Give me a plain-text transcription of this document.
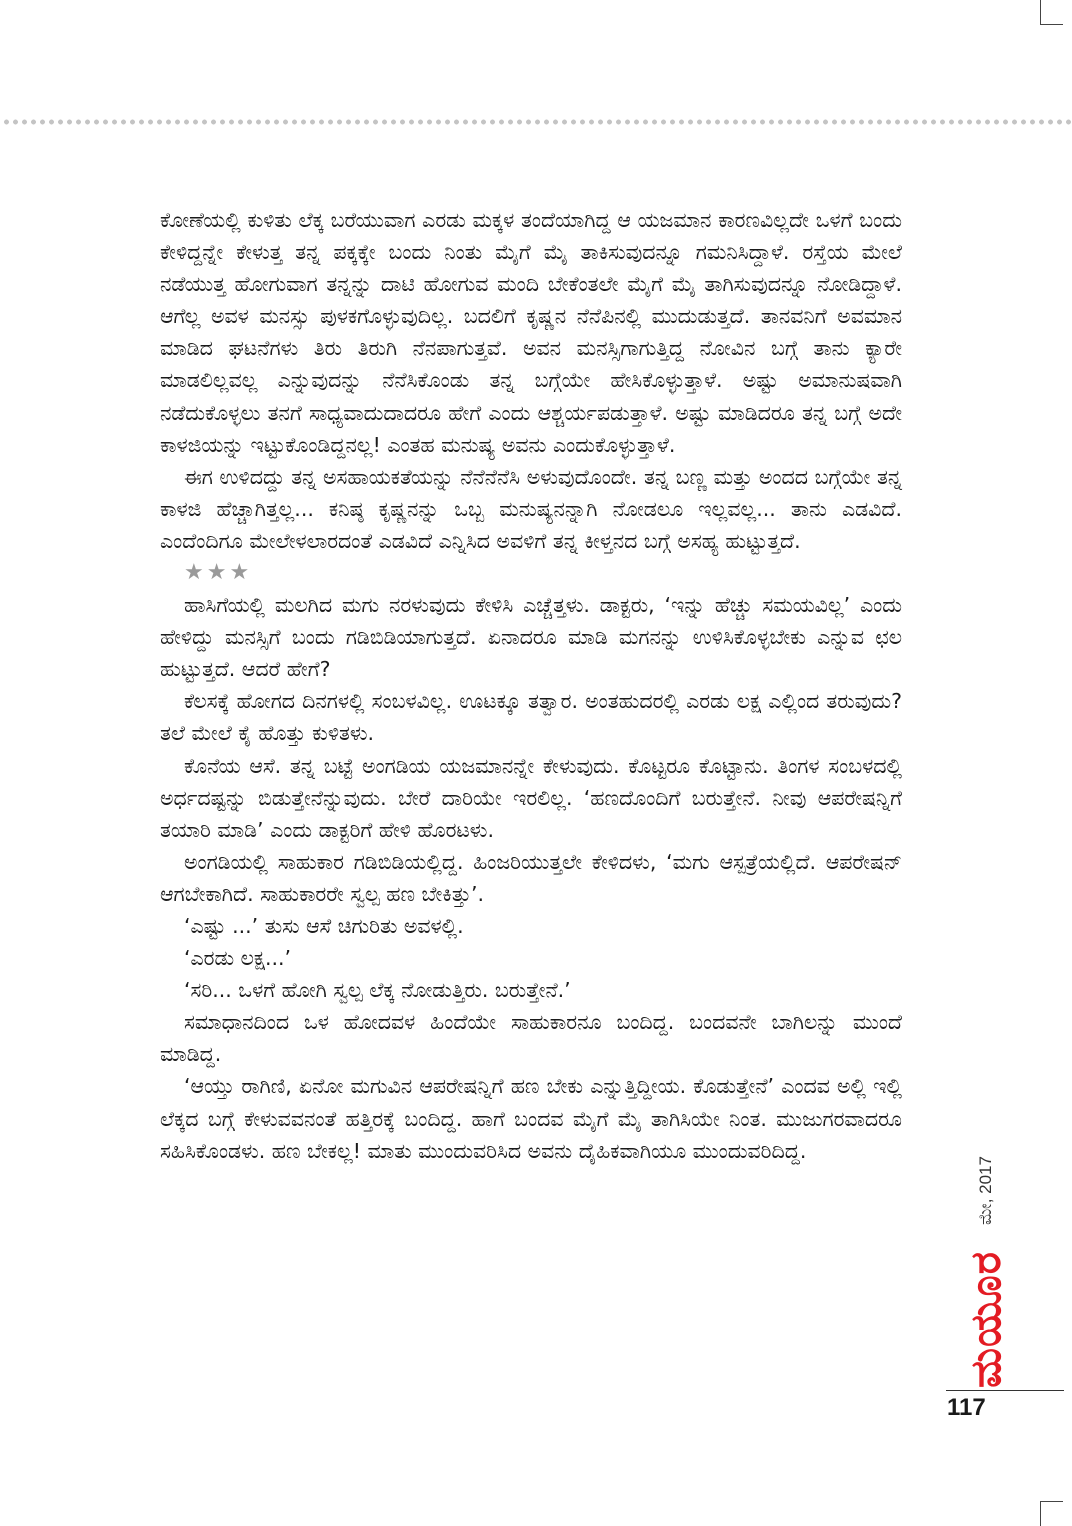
ಕೋಣೆಯಲ್ಲಿ ಕುಳಿತು ಲೆಕ್ಕ ಬರೆಯುವಾಗ ಎರಡು ಮಕ್ಕಳ ತಂದೆಯಾಗಿದ್ದ ಆ ಯಜಮಾನ ಕಾರಣವಿಲ್ಲದೇ ಒಳಗೆ ಬಂದು ಕೇಳಿದ್ದನ್ನೇ ಕೇಳುತ್ತ ತನ್ನ ಪಕ್ಕಕ್ಕೇ ಬಂದು ನಿಂತು ಮೈಗೆ ಮೈ ತಾಕಿಸುವುದನ್ನೂ ಗಮನಿಸಿದ್ದಾಳೆ. ರಸ್ತೆಯ ಮೇಲೆ ನಡೆಯುತ್ತ ಹೋಗುವಾಗ ತನ್ನನ್ನು ದಾಟಿ ಹೋಗುವ ಮಂದಿ ಬೇಕೆಂತಲೇ ಮೈಗೆ ಮೈ ತಾಗಿಸುವುದನ್ನೂ ನೋಡಿದ್ದಾಳೆ. ಆಗೆಲ್ಲ ಅವಳ ಮನಸ್ಸು ಪುಳಕಗೊಳ್ಳುವುದಿಲ್ಲ. ಬದಲಿಗೆ ಕೃಷ್ಣನ ನೆನೆಪಿನಲ್ಲಿ ಮುದುಡುತ್ತದೆ. ತಾನವನಿಗೆ ಅವಮಾನ ಮಾಡಿದ ಘಟನೆಗಳು ತಿರು ತಿರುಗಿ ನೆನಪಾಗುತ್ತವೆ. ಅವನ ಮನಸ್ಸಿಗಾಗುತ್ತಿದ್ದ ನೋವಿನ ಬಗ್ಗೆ ತಾನು ಕ್ಯಾರೇ ಮಾಡಲಿಲ್ಲವಲ್ಲ ಎನ್ನುವುದನ್ನು ನೆನೆಸಿಕೊಂಡು ತನ್ನ ಬಗ್ಗೆಯೇ ಹೇಸಿಕೊಳ್ಳುತ್ತಾಳೆ. ಅಷ್ಟು ಅಮಾನುಷವಾಗಿ ನಡೆದುಕೊಳ್ಳಲು ತನಗೆ ಸಾಧ್ಯವಾದುದಾದರೂ ಹೇಗೆ ಎಂದು ಆಶ್ಚರ್ಯಪಡುತ್ತಾಳೆ. ಅಷ್ಟು ಮಾಡಿದರೂ ತನ್ನ ಬಗ್ಗೆ ಅದೇ ಕಾಳಜಿಯನ್ನು ಇಟ್ಟುಕೊಂಡಿದ್ದನಲ್ಲ! ಎಂತಹ ಮನುಷ್ಯ ಅವನು ಎಂದುಕೊಳ್ಳುತ್ತಾಳೆ.

ಈಗ ಉಳಿದದ್ದು ತನ್ನ ಅಸಹಾಯಕತೆಯನ್ನು ನೆನೆನೆನೆಸಿ ಅಳುವುದೊಂದೇ. ತನ್ನ ಬಣ್ಣ ಮತ್ತು ಅಂದದ ಬಗ್ಗೆಯೇ ತನ್ನ ಕಾಳಜಿ ಹೆಚ್ಚಾಗಿತ್ತಲ್ಲ... ಕನಿಷ್ಠ ಕೃಷ್ಣನನ್ನು ಒಬ್ಬ ಮನುಷ್ಯನನ್ನಾಗಿ ನೋಡಲೂ ಇಲ್ಲವಲ್ಲ... ತಾನು ಎಡವಿದೆ. ಎಂದೆಂದಿಗೂ ಮೇಲೇಳಲಾರದಂತೆ ಎಡವಿದೆ ಎನ್ನಿಸಿದ ಅವಳಿಗೆ ತನ್ನ ಕೀಳ್ತನದ ಬಗ್ಗೆ ಅಸಹ್ಯ ಹುಟ್ಟುತ್ತದೆ.

★★★

ಹಾಸಿಗೆಯಲ್ಲಿ ಮಲಗಿದ ಮಗು ನರಳುವುದು ಕೇಳಿಸಿ ಎಚ್ಚೆತ್ತಳು. ಡಾಕ್ಟರು, ‘ಇನ್ನು ಹೆಚ್ಚು ಸಮಯವಿಲ್ಲ’ ಎಂದು ಹೇಳಿದ್ದು ಮನಸ್ಸಿಗೆ ಬಂದು ಗಡಿಬಿಡಿಯಾಗುತ್ತದೆ. ಏನಾದರೂ ಮಾಡಿ ಮಗನನ್ನು ಉಳಿಸಿಕೊಳ್ಳಬೇಕು ಎನ್ನುವ ಛಲ ಹುಟ್ಟುತ್ತದೆ. ಆದರೆ ಹೇಗೆ?

ಕೆಲಸಕ್ಕೆ ಹೋಗದ ದಿನಗಳಲ್ಲಿ ಸಂಬಳವಿಲ್ಲ. ಊಟಕ್ಕೂ ತತ್ವಾರ. ಅಂತಹುದರಲ್ಲಿ ಎರಡು ಲಕ್ಷ ಎಲ್ಲಿಂದ ತರುವುದು? ತಲೆ ಮೇಲೆ ಕೈ ಹೊತ್ತು ಕುಳಿತಳು.

ಕೊನೆಯ ಆಸೆ. ತನ್ನ ಬಟ್ಟೆ ಅಂಗಡಿಯ ಯಜಮಾನನ್ನೇ ಕೇಳುವುದು. ಕೊಟ್ಟರೂ ಕೊಟ್ಟಾನು. ತಿಂಗಳ ಸಂಬಳದಲ್ಲಿ ಅರ್ಧದಷ್ಟನ್ನು ಬಿಡುತ್ತೇನೆನ್ನುವುದು. ಬೇರೆ ದಾರಿಯೇ ಇರಲಿಲ್ಲ. ‘ಹಣದೊಂದಿಗೆ ಬರುತ್ತೇನೆ. ನೀವು ಆಪರೇಷನ್ನಿಗೆ ತಯಾರಿ ಮಾಡಿ’ ಎಂದು ಡಾಕ್ಟರಿಗೆ ಹೇಳಿ ಹೊರಟಳು.

ಅಂಗಡಿಯಲ್ಲಿ ಸಾಹುಕಾರ ಗಡಿಬಿಡಿಯಲ್ಲಿದ್ದ. ಹಿಂಜರಿಯುತ್ತಲೇ ಕೇಳಿದಳು, ‘ಮಗು ಆಸ್ಪತ್ರೆಯಲ್ಲಿದೆ. ಆಪರೇಷನ್ ಆಗಬೇಕಾಗಿದೆ. ಸಾಹುಕಾರರೇ ಸ್ವಲ್ಪ ಹಣ ಬೇಕಿತ್ತು’.

‘ಎಷ್ಟು ...’ ತುಸು ಆಸೆ ಚಿಗುರಿತು ಅವಳಲ್ಲಿ.

‘ಎರಡು ಲಕ್ಷ...’

‘ಸರಿ... ಒಳಗೆ ಹೋಗಿ ಸ್ವಲ್ಪ ಲೆಕ್ಕ ನೋಡುತ್ತಿರು. ಬರುತ್ತೇನೆ.’

ಸಮಾಧಾನದಿಂದ ಒಳ ಹೋದವಳ ಹಿಂದೆಯೇ ಸಾಹುಕಾರನೂ ಬಂದಿದ್ದ. ಬಂದವನೇ ಬಾಗಿಲನ್ನು ಮುಂದೆ ಮಾಡಿದ್ದ.

‘ಆಯ್ತು ರಾಗಿಣಿ, ಏನೋ ಮಗುವಿನ ಆಪರೇಷನ್ನಿಗೆ ಹಣ ಬೇಕು ಎನ್ನುತ್ತಿದ್ದೀಯ. ಕೊಡುತ್ತೇನೆ’ ಎಂದವ ಅಲ್ಲಿ ಇಲ್ಲಿ ಲೆಕ್ಕದ ಬಗ್ಗೆ ಕೇಳುವವನಂತೆ ಹತ್ತಿರಕ್ಕೆ ಬಂದಿದ್ದ. ಹಾಗೆ ಬಂದವ ಮೈಗೆ ಮೈ ತಾಗಿಸಿಯೇ ನಿಂತ. ಮುಜುಗರವಾದರೂ ಸಹಿಸಿಕೊಂಡಳು. ಹಣ ಬೇಕಲ್ಲ! ಮಾತು ಮುಂದುವರಿಸಿದ ಅವನು ದೈಹಿಕವಾಗಿಯೂ ಮುಂದುವರಿದಿದ್ದ.

ಮಯೂರ
ಮೇ, 2017
117
